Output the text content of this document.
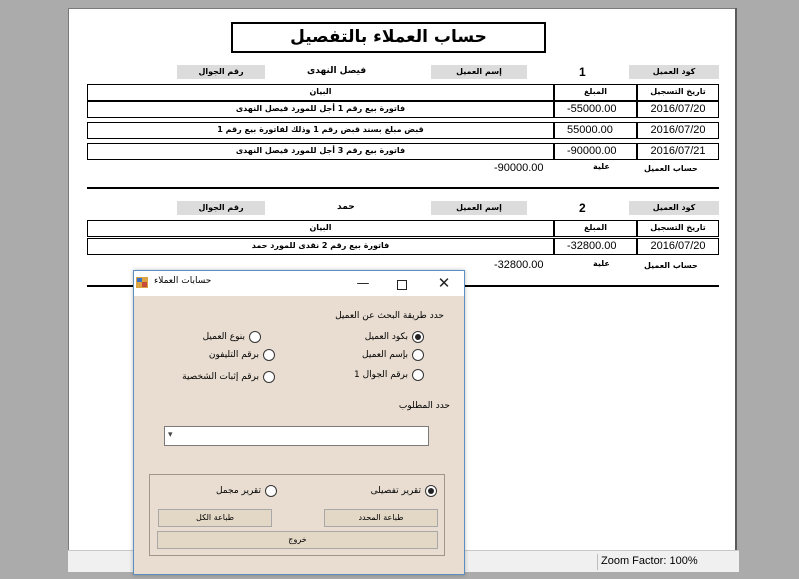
حساب العملاء بالتفصيل
كود العميل
1
إسم العميل
فيصل النهدى
رقم الجوال
تاريخ التسجيل
المبلغ
البيان
2016/07/20
-55000.00
فاتورة بيع رقم 1 أجل للمورد فيصل النهدى
2016/07/20
55000.00
قبض مبلغ بسند قبض رقم 1 وذلك لفاتورة بيع رقم 1
2016/07/21
-90000.00
فاتورة بيع رقم 3 أجل للمورد فيصل النهدى
حساب العميل
علية
-90000.00
كود العميل
2
إسم العميل
حمد
رقم الجوال
تاريخ التسجيل
المبلغ
البيان
2016/07/20
-32800.00
فاتورة بيع رقم 2 نقدى للمورد حمد
حساب العميل
علية
-32800.00
Zoom Factor: 100%
حسابات العملاء	—	✕
حدد طريقة البحث عن العميل
بكود العميل
بنوع العميل
بإسم العميل
برقم التليفون
برقم الجوال 1
برقم إثبات الشخصية
حدد المطلوب
▾
تقرير تفصيلى
تقرير مجمل
طباعة المحدد
طباعة الكل
خروج
